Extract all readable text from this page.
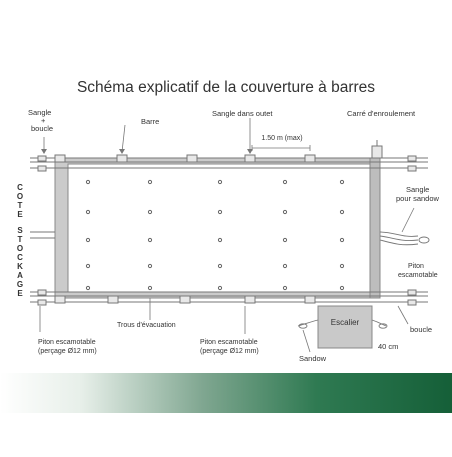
Schéma explicatif de la couverture à barres
1.50 m (max)
Sangle
+
boucle
Barre
Sangle dans outet	Carré d'enroulement
C
O
T
E
S
T
O
C
K
A
G
E
Sangle
pour sandow
Piton
escamotable
Escalier
40 cm
Sandow
boucle
Piton escamotable
(perçage Ø12 mm)
Trous d'évacuation
Piton escamotable
(perçage Ø12 mm)
